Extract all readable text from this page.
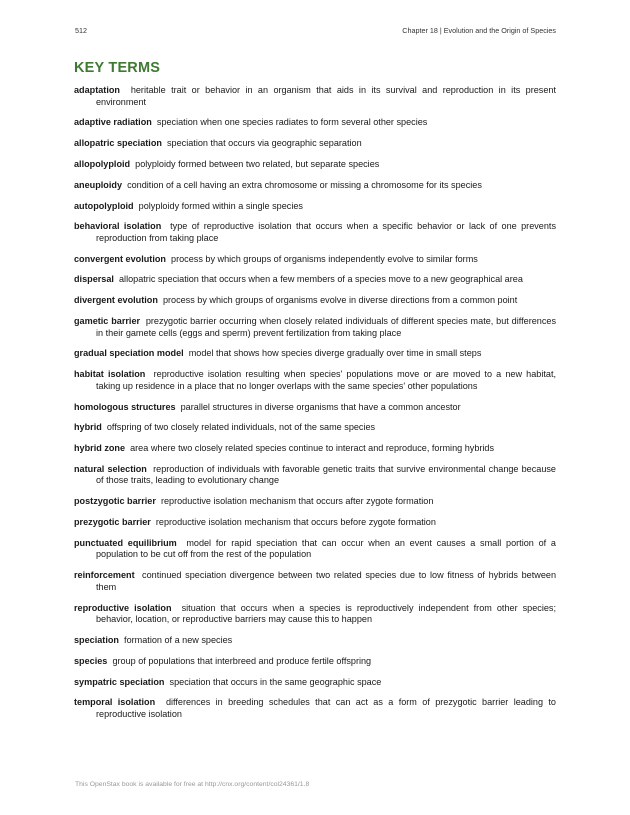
512	Chapter 18 | Evolution and the Origin of Species
KEY TERMS

adaptation heritable trait or behavior in an organism that aids in its survival and reproduction in its present environment

adaptive radiation speciation when one species radiates to form several other species

allopatric speciation speciation that occurs via geographic separation

allopolyploid polyploidy formed between two related, but separate species

aneuploidy condition of a cell having an extra chromosome or missing a chromosome for its species

autopolyploid polyploidy formed within a single species

behavioral isolation type of reproductive isolation that occurs when a specific behavior or lack of one prevents reproduction from taking place

convergent evolution process by which groups of organisms independently evolve to similar forms

dispersal allopatric speciation that occurs when a few members of a species move to a new geographical area

divergent evolution process by which groups of organisms evolve in diverse directions from a common point

gametic barrier prezygotic barrier occurring when closely related individuals of different species mate, but differences in their gamete cells (eggs and sperm) prevent fertilization from taking place

gradual speciation model model that shows how species diverge gradually over time in small steps

habitat isolation reproductive isolation resulting when species' populations move or are moved to a new habitat, taking up residence in a place that no longer overlaps with the same species' other populations

homologous structures parallel structures in diverse organisms that have a common ancestor

hybrid offspring of two closely related individuals, not of the same species

hybrid zone area where two closely related species continue to interact and reproduce, forming hybrids

natural selection reproduction of individuals with favorable genetic traits that survive environmental change because of those traits, leading to evolutionary change

postzygotic barrier reproductive isolation mechanism that occurs after zygote formation

prezygotic barrier reproductive isolation mechanism that occurs before zygote formation

punctuated equilibrium model for rapid speciation that can occur when an event causes a small portion of a population to be cut off from the rest of the population

reinforcement continued speciation divergence between two related species due to low fitness of hybrids between them

reproductive isolation situation that occurs when a species is reproductively independent from other species; behavior, location, or reproductive barriers may cause this to happen

speciation formation of a new species

species group of populations that interbreed and produce fertile offspring

sympatric speciation speciation that occurs in the same geographic space

temporal isolation differences in breeding schedules that can act as a form of prezygotic barrier leading to reproductive isolation

This OpenStax book is available for free at http://cnx.org/content/col24361/1.8
